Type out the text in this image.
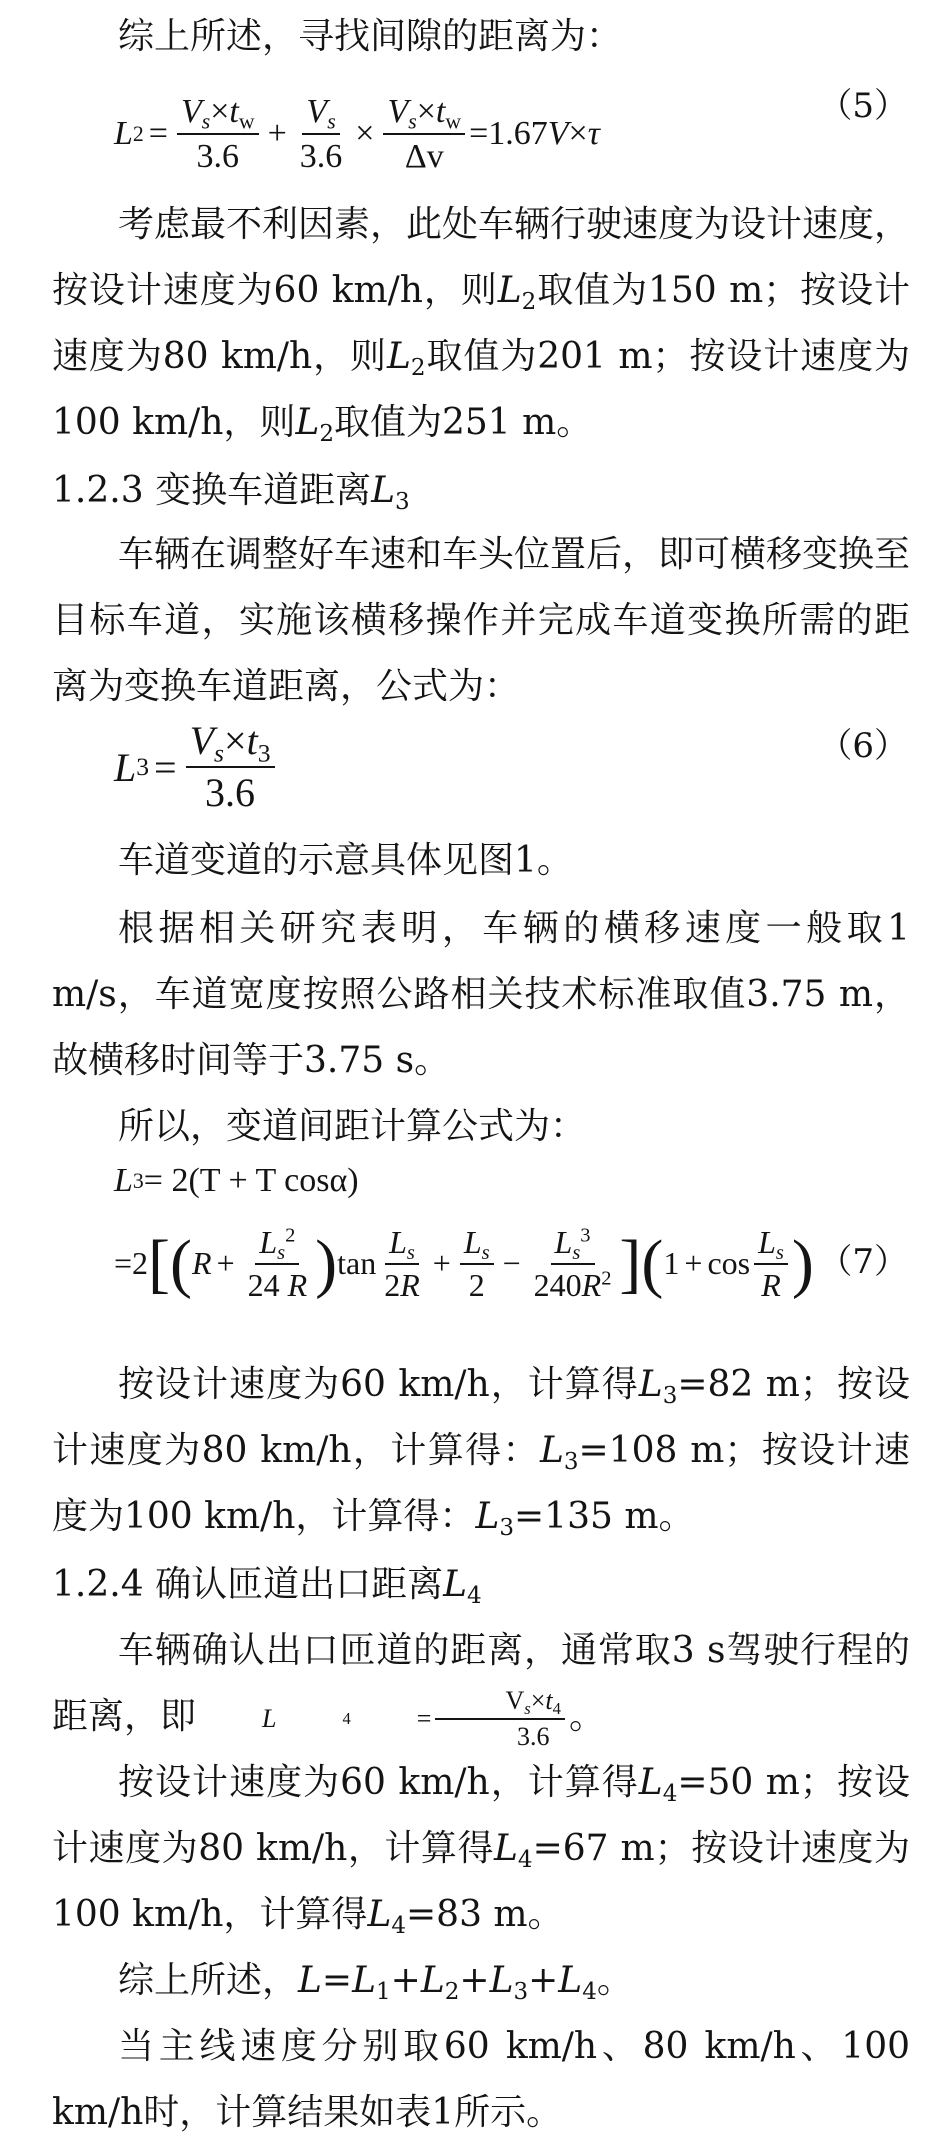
综上所述，寻找间隙的距离为：

L $2 = \frac{V_s\times t_w}{3.6} + \frac{V_s}{3.6} \times \frac{V_s\times t_w}{\Delta v} =1.67$ V × τ
（5）

考虑最不利因素，此处车辆行驶速度为设计速度，按设计速度为60 km/h，则$L_2$取值为150 m；按设计速度为80 km/h，则$L_2$取值为201 m；按设计速度为100 km/h，则$L_2$取值为251 m。

1.2.3 变换车道距离$L_3$

车辆在调整好车速和车头位置后，即可横移变换至目标车道，实施该横移操作并完成车道变换所需的距离为变换车道距离，公式为：

L $3 = \frac{V_s\times t_3}{3.6}$	（6）

车道变道的示意具体见图1。

根据相关研究表明，车辆的横移速度一般取1 m/s，车道宽度按照公路相关技术标准取值3.75 m，故横移时间等于3.75 s。

所以，变道间距计算公式为：

L 3 = 2(T + T cosα)
= 2 [ ( $R + \frac{L_s^2}{24 R}$ ) $\tan \frac{L_s}{2R} + \frac{L_s}{2} - \frac{L_s^3}{240R^2}$ ] ( $1 + \cos \frac{L_s}{R}$ ) （7）

按设计速度为60 km/h，计算得$L_3=82$ m；按设计速度为80 km/h，计算得：$L_3=108$ m；按设计速度为100 km/h，计算得：$L_3=135$ m。

1.2.4 确认匝道出口距离$L_4$

车辆确认出口匝道的距离，通常取3 s驾驶行程的距离，即	L	4	= $\frac{V_s\times t_4}{3.6}$ 。

按设计速度为60 km/h，计算得$L_4=50$ m；按设计速度为80 km/h，计算得$L_4=67$ m；按设计速度为100 km/h，计算得$L_4=83$ m。

综上所述，$L=L_1+L_2+L_3+L_4$。

当主线速度分别取60 km/h、80 km/h、100 km/h时，计算结果如表1所示。
